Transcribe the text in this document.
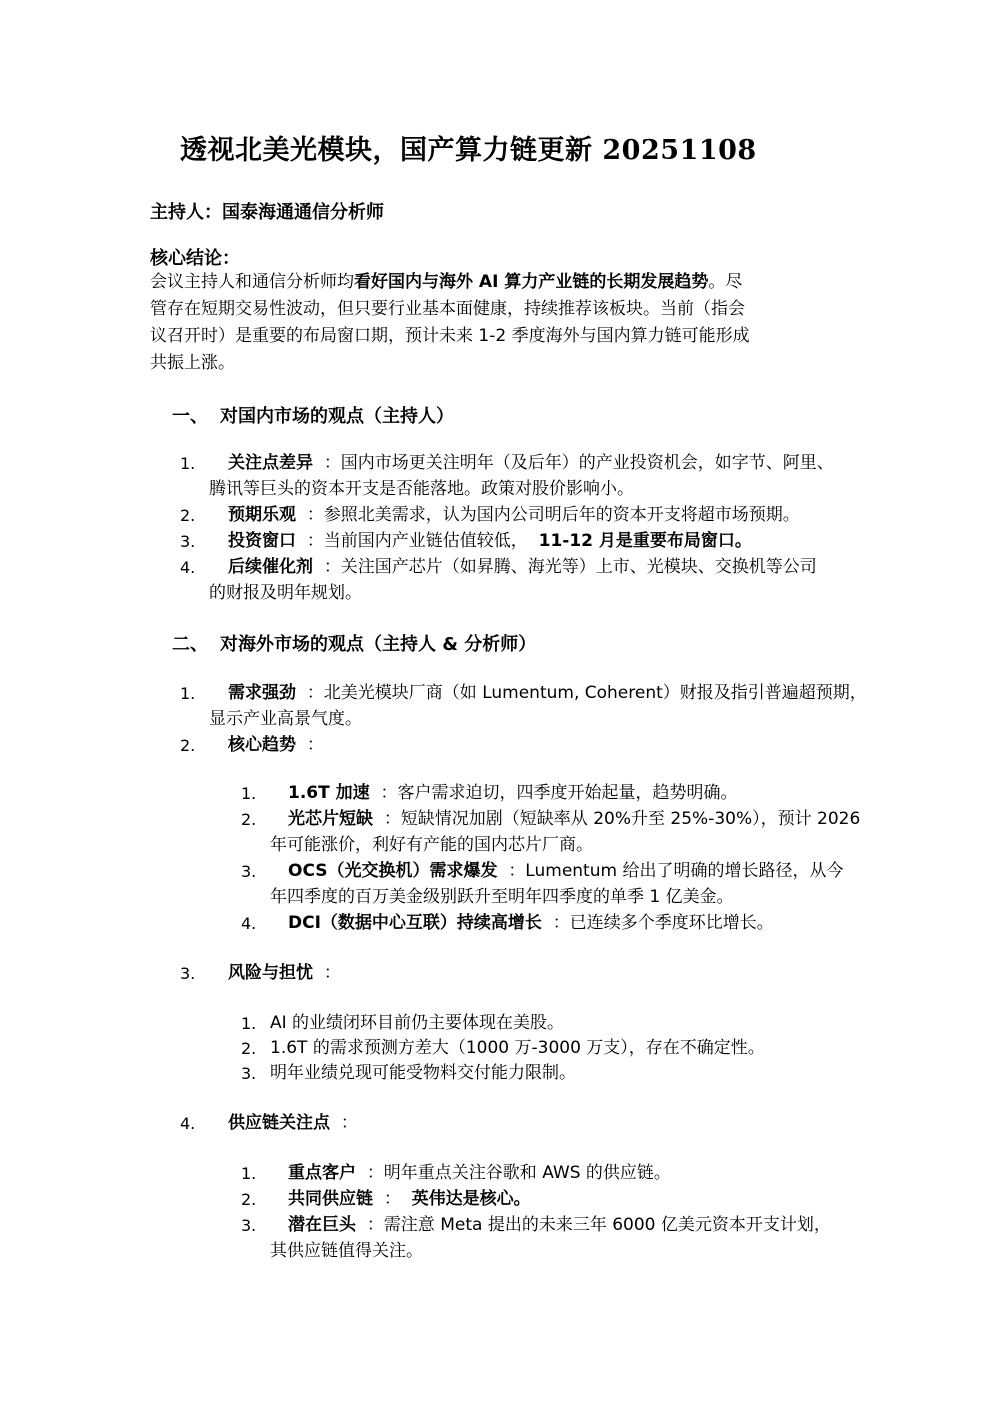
透视北美光模块，国产算力链更新 20251108
主持人：国泰海通通信分析师
核心结论：
会议主持人和通信分析师均看好国内与海外 AI 算力产业链的长期发展趋势。尽
管存在短期交易性波动，但只要行业基本面健康，持续推荐该板块。当前（指会
议召开时）是重要的布局窗口期，预计未来 1-2 季度海外与国内算力链可能形成
共振上涨。
一、 对国内市场的观点（主持人）
1. 关注点差异 ：国内市场更关注明年（及后年）的产业投资机会，如字节、阿里、
腾讯等巨头的资本开支是否能落地。政策对股价影响小。
2. 预期乐观 ：参照北美需求，认为国内公司明后年的资本开支将超市场预期。
3. 投资窗口 ：当前国内产业链估值较低， 11-12 月是重要布局窗口。
4. 后续催化剂 ：关注国产芯片（如昇腾、海光等）上市、光模块、交换机等公司
的财报及明年规划。
二、 对海外市场的观点（主持人 & 分析师）
1. 需求强劲 ：北美光模块厂商（如 Lumentum, Coherent）财报及指引普遍超预期，
显示产业高景气度。
2. 核心趋势 ：
1. 1.6T 加速 ：客户需求迫切，四季度开始起量，趋势明确。
2. 光芯片短缺 ：短缺情况加剧（短缺率从 20%升至 25%-30%），预计 2026
年可能涨价，利好有产能的国内芯片厂商。
3. OCS（光交换机）需求爆发 ：Lumentum 给出了明确的增长路径，从今
年四季度的百万美金级别跃升至明年四季度的单季 1 亿美金。
4. DCI（数据中心互联）持续高增长 ：已连续多个季度环比增长。
3. 风险与担忧 ：
1. AI 的业绩闭环目前仍主要体现在美股。
2. 1.6T 的需求预测方差大（1000 万-3000 万支），存在不确定性。
3. 明年业绩兑现可能受物料交付能力限制。
4. 供应链关注点 ：
1. 重点客户 ：明年重点关注谷歌和 AWS 的供应链。
2. 共同供应链 ： 英伟达是核心。
3. 潜在巨头 ：需注意 Meta 提出的未来三年 6000 亿美元资本开支计划，
其供应链值得关注。
